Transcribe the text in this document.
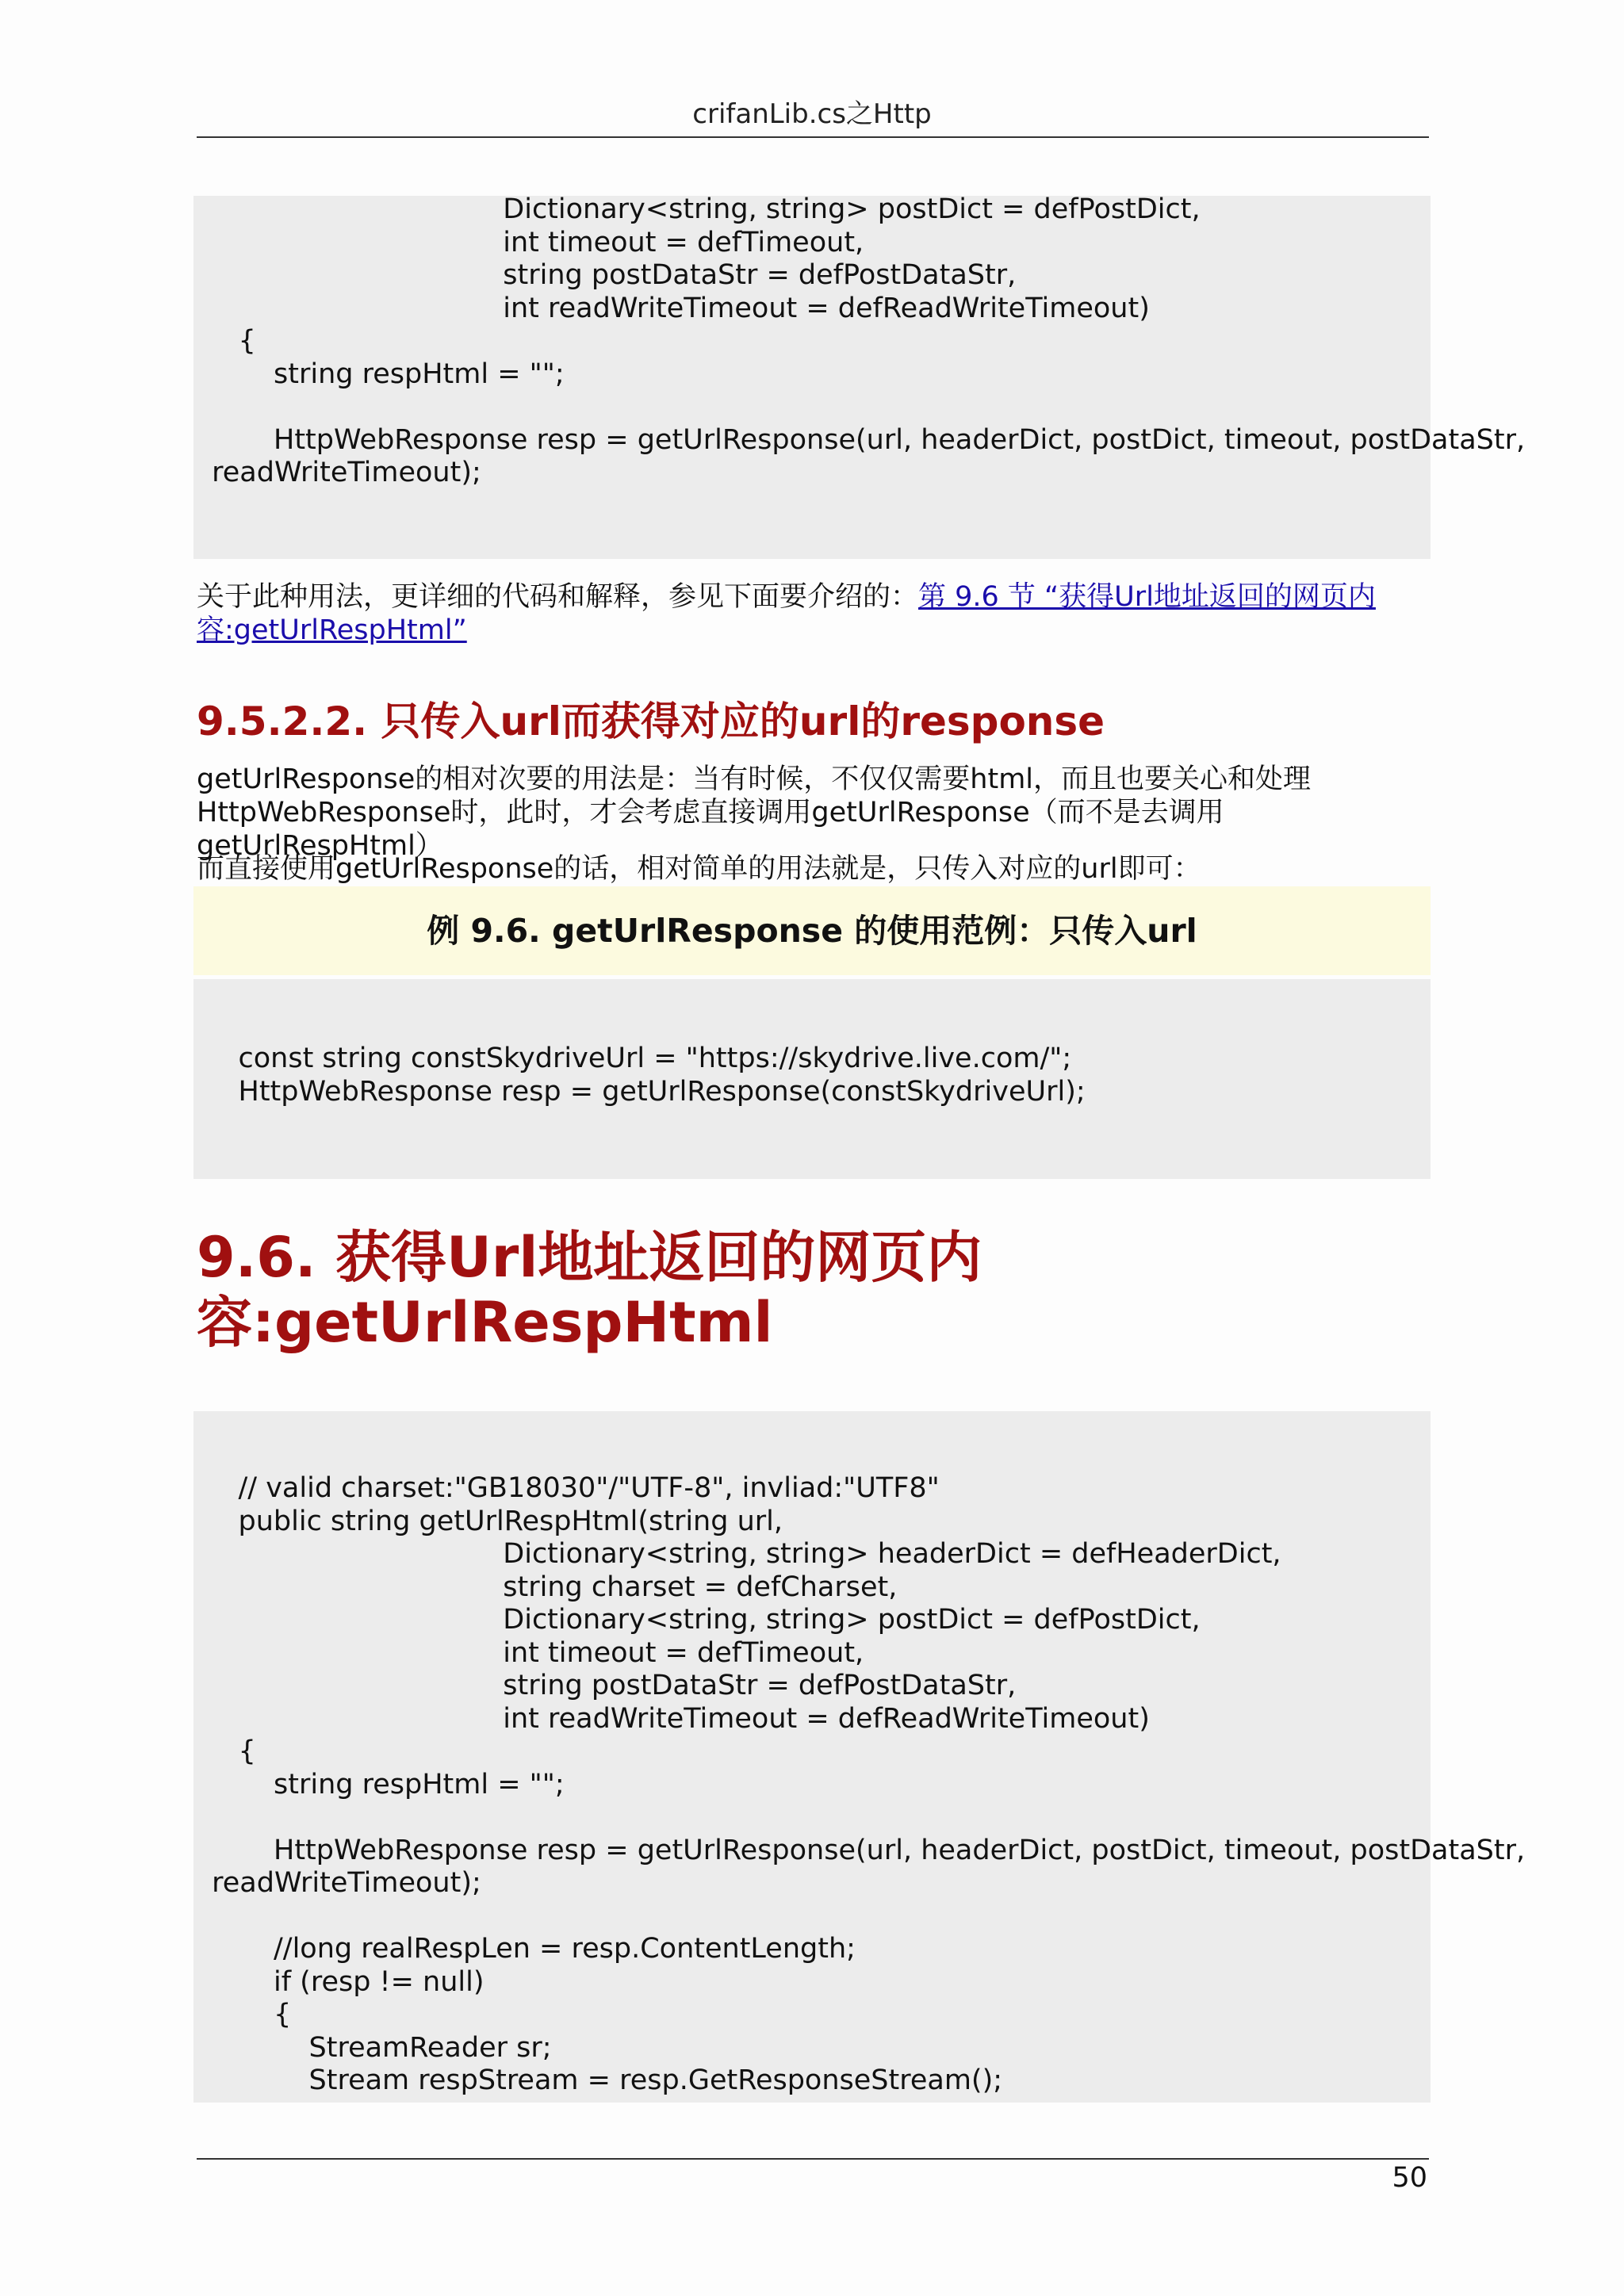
crifanLib.cs之Http
Dictionary<string, string> postDict = defPostDict,
int timeout = defTimeout,
string postDataStr = defPostDataStr,
int readWriteTimeout = defReadWriteTimeout)
{
string respHtml = "";

HttpWebResponse resp = getUrlResponse(url, headerDict, postDict, timeout, postDataStr,
readWriteTimeout);
关于此种用法，更详细的代码和解释，参见下面要介绍的：第 9.6 节 “获得Url地址返回的网页内容:getUrlRespHtml”
9.5.2.2. 只传入url而获得对应的url的response
getUrlResponse的相对次要的用法是：当有时候，不仅仅需要html，而且也要关心和处理HttpWebResponse时，此时，才会考虑直接调用getUrlResponse（而不是去调用getUrlRespHtml）
而直接使用getUrlResponse的话，相对简单的用法就是，只传入对应的url即可：
例 9.6. getUrlResponse 的使用范例：只传入url
const string constSkydriveUrl = "https://skydrive.live.com/";
HttpWebResponse resp = getUrlResponse(constSkydriveUrl);
9.6. 获得Url地址返回的网页内容:getUrlRespHtml
// valid charset:"GB18030"/"UTF-8", invliad:"UTF8"
public string getUrlRespHtml(string url,
Dictionary<string, string> headerDict = defHeaderDict,
string charset = defCharset,
Dictionary<string, string> postDict = defPostDict,
int timeout = defTimeout,
string postDataStr = defPostDataStr,
int readWriteTimeout = defReadWriteTimeout)
{
string respHtml = "";

HttpWebResponse resp = getUrlResponse(url, headerDict, postDict, timeout, postDataStr,
readWriteTimeout);

//long realRespLen = resp.ContentLength;
if (resp != null)
{
StreamReader sr;
Stream respStream = resp.GetResponseStream();
50
